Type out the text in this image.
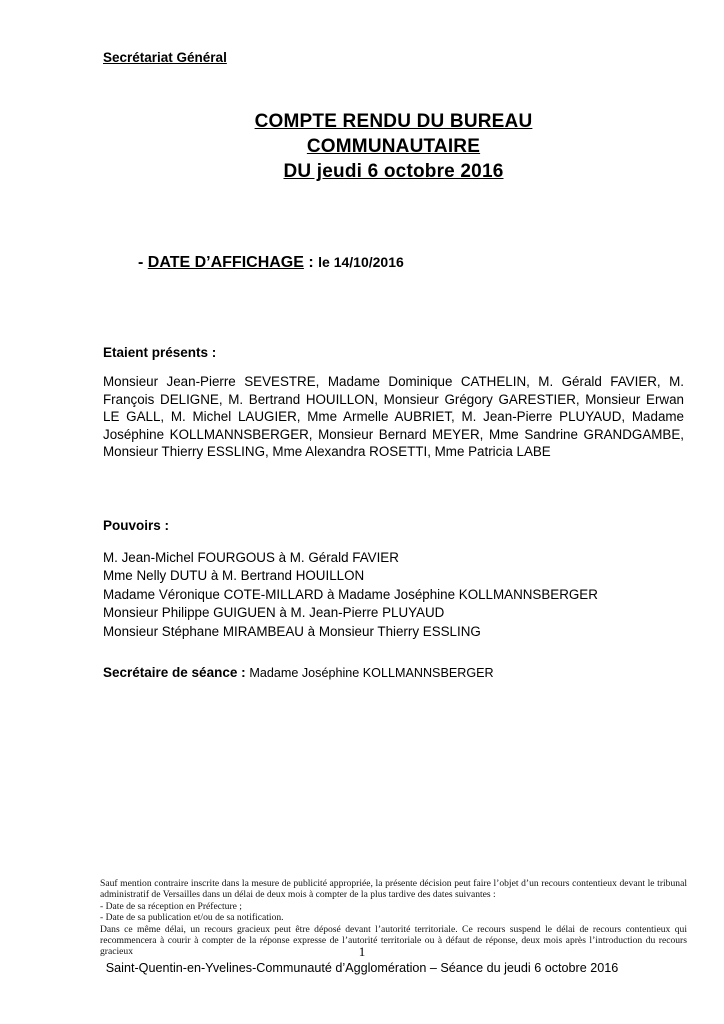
Secrétariat Général
COMPTE RENDU DU BUREAU
COMMUNAUTAIRE
DU jeudi 6 octobre 2016
- DATE D’AFFICHAGE : le 14/10/2016
Etaient présents :
Monsieur Jean-Pierre SEVESTRE, Madame Dominique CATHELIN, M. Gérald FAVIER, M. François DELIGNE, M. Bertrand HOUILLON, Monsieur Grégory GARESTIER, Monsieur Erwan LE GALL, M. Michel LAUGIER, Mme Armelle AUBRIET, M. Jean-Pierre PLUYAUD, Madame Joséphine KOLLMANNSBERGER, Monsieur Bernard MEYER, Mme Sandrine GRANDGAMBE, Monsieur Thierry ESSLING, Mme Alexandra ROSETTI, Mme Patricia LABE
Pouvoirs :
M. Jean-Michel FOURGOUS à M. Gérald FAVIER
Mme Nelly DUTU à M. Bertrand HOUILLON
Madame Véronique COTE-MILLARD à Madame Joséphine KOLLMANNSBERGER
Monsieur Philippe GUIGUEN à M. Jean-Pierre PLUYAUD
Monsieur Stéphane MIRAMBEAU à Monsieur Thierry ESSLING
Secrétaire de séance : Madame Joséphine KOLLMANNSBERGER

Sauf mention contraire inscrite dans la mesure de publicité appropriée, la présente décision peut faire l’objet d’un recours contentieux devant le tribunal administratif de Versailles dans un délai de deux mois à compter de la plus tardive des dates suivantes :

- Date de sa réception en Préfecture ;

- Date de sa publication et/ou de sa notification.

Dans ce même délai, un recours gracieux peut être déposé devant l’autorité territoriale. Ce recours suspend le délai de recours contentieux qui recommencera à courir à compter de la réponse expresse de l’autorité territoriale ou à défaut de réponse, deux mois après l’introduction du recours gracieux	1
Saint-Quentin-en-Yvelines-Communauté d’Agglomération – Séance du jeudi 6 octobre 2016
